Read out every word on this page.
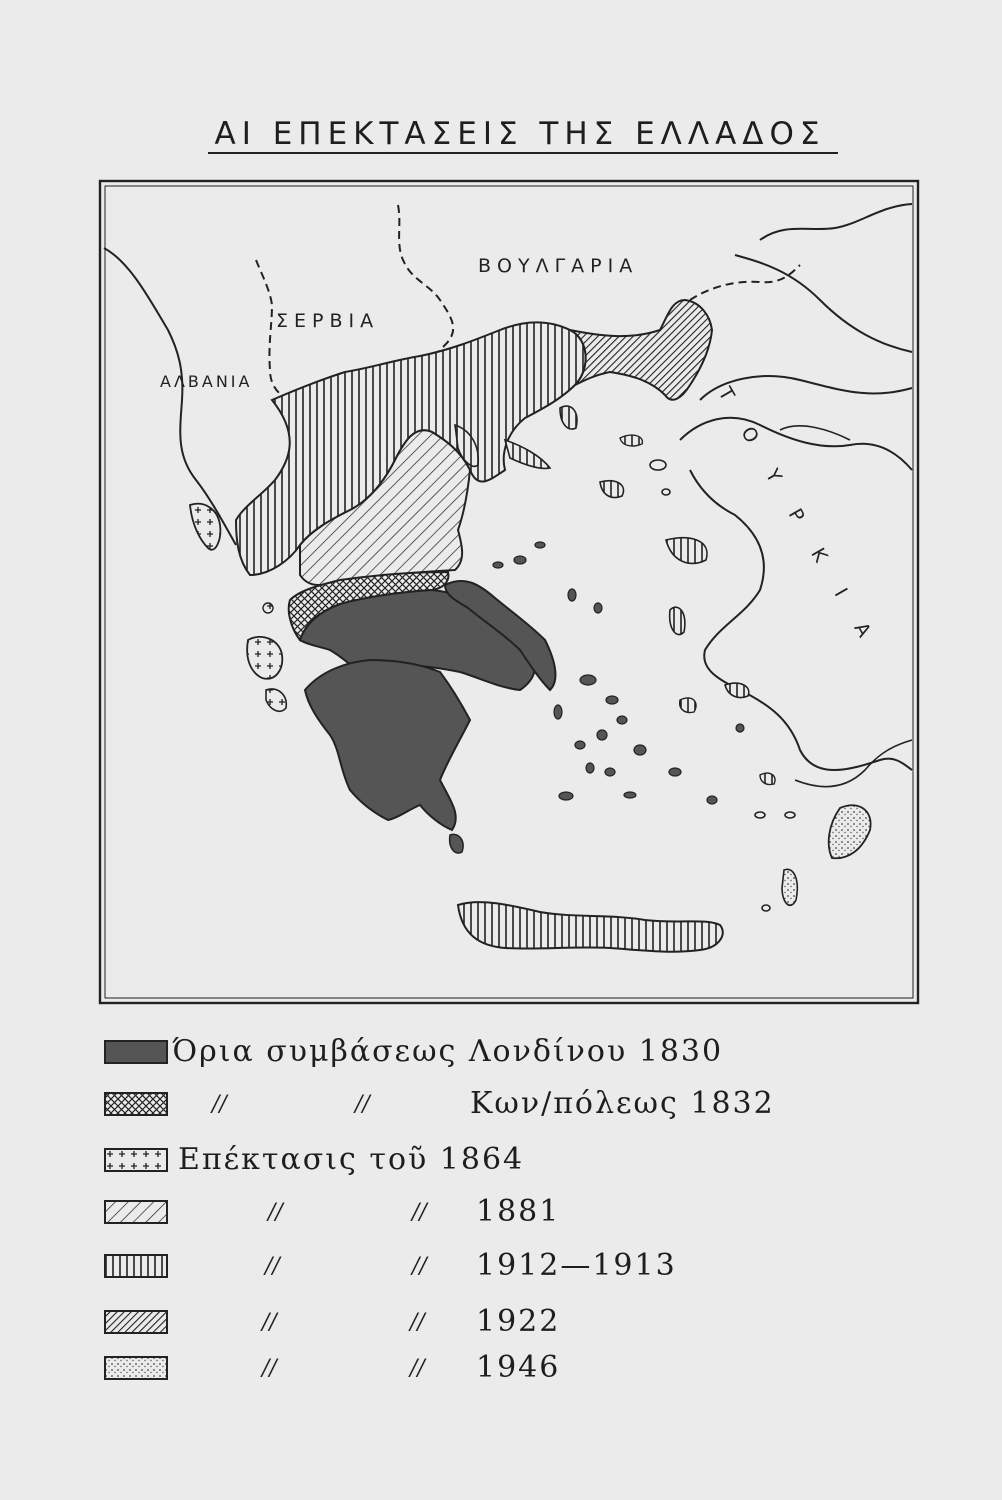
ΑΙ ΕΠΕΚΤΑΣΕΙΣ ΤΗΣ ΕΛΛΑΔΟΣ
ΒΟΥΛΓΑΡΙΑ
ΣΕΡΒΙΑ
ΑΛΒΑΝΙΑ
ΤΟΥΡΚΙΑ
Όρια συμβάσεως Λονδίνου 1830
//	//	Κων/πόλεως 1832
Επέκτασις τοῦ 1864
//	// 1881
//	// 1912—1913
//	// 1922
//	// 1946
